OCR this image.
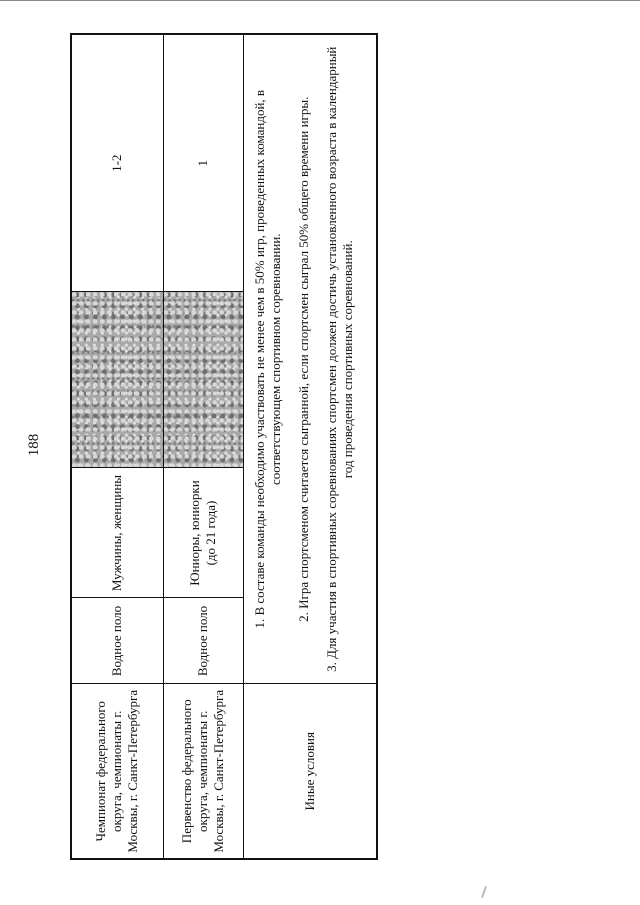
188
Чемпионат федерального округа, чемпионаты г. Москвы, г. Санкт-Петербурга	Водное поло	Мужчины, женщины		1-2
Первенство федерального округа, чемпионаты г. Москвы, г. Санкт-Петербурга	Водное поло	Юниоры, юниорки (до 21 года)		1
Иные условия	1. В составе команды необходимо участвовать не менее чем в 50% игр, проведенных командой, в соответствующем спортивном соревновании. 2. Игра спортсменом считается сыгранной, если спортсмен сыграл 50% общего времени игры. 3. Для участия в спортивных соревнованиях спортсмен должен достичь установленного возраста в календарный год проведения спортивных соревнований.			
